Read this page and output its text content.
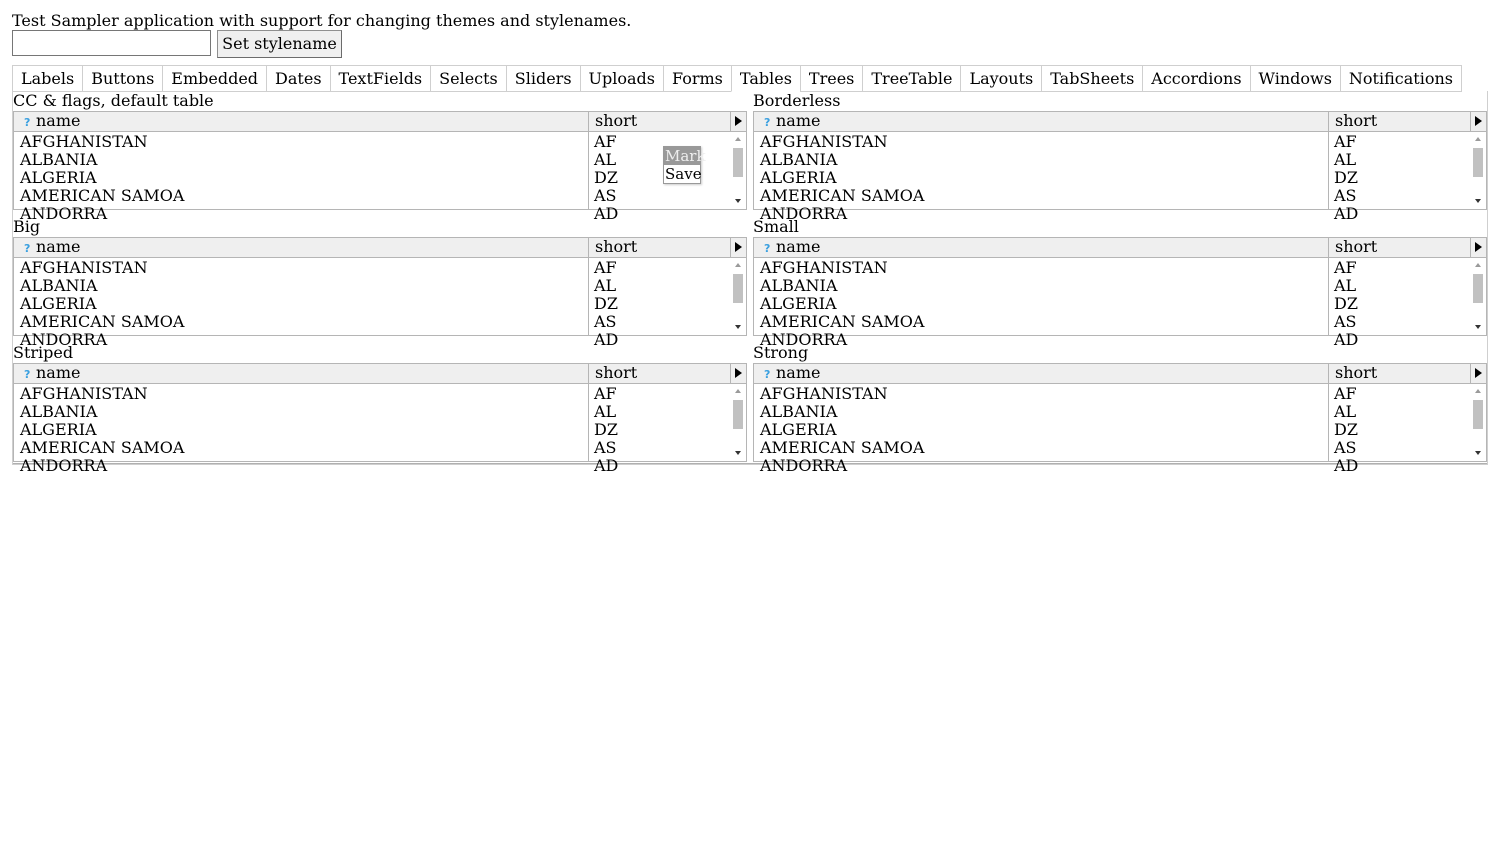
Test Sampler application with support for changing themes and stylenames.
Set stylename
Labels	Buttons	Embedded	Dates	TextFields	Selects	Sliders	Uploads	Forms	Tables	Trees	TreeTable	Layouts	TabSheets	Accordions	Windows	Notifications
CC & flags, default table
? name	short
AFGHANISTAN	AF
ALBANIA	AL
ALGERIA	DZ
AMERICAN SAMOA	AS
ANDORRA	AD
Borderless
? name	short
AFGHANISTAN	AF
ALBANIA	AL
ALGERIA	DZ
AMERICAN SAMOA	AS
ANDORRA	AD
Big
? name	short
AFGHANISTAN	AF
ALBANIA	AL
ALGERIA	DZ
AMERICAN SAMOA	AS
ANDORRA	AD
Small
? name	short
AFGHANISTAN	AF
ALBANIA	AL
ALGERIA	DZ
AMERICAN SAMOA	AS
ANDORRA	AD
Striped
? name	short
AFGHANISTAN	AF
ALBANIA	AL
ALGERIA	DZ
AMERICAN SAMOA	AS
ANDORRA	AD
Strong
? name	short
AFGHANISTAN	AF
ALBANIA	AL
ALGERIA	DZ
AMERICAN SAMOA	AS
ANDORRA	AD
Mark
Save
